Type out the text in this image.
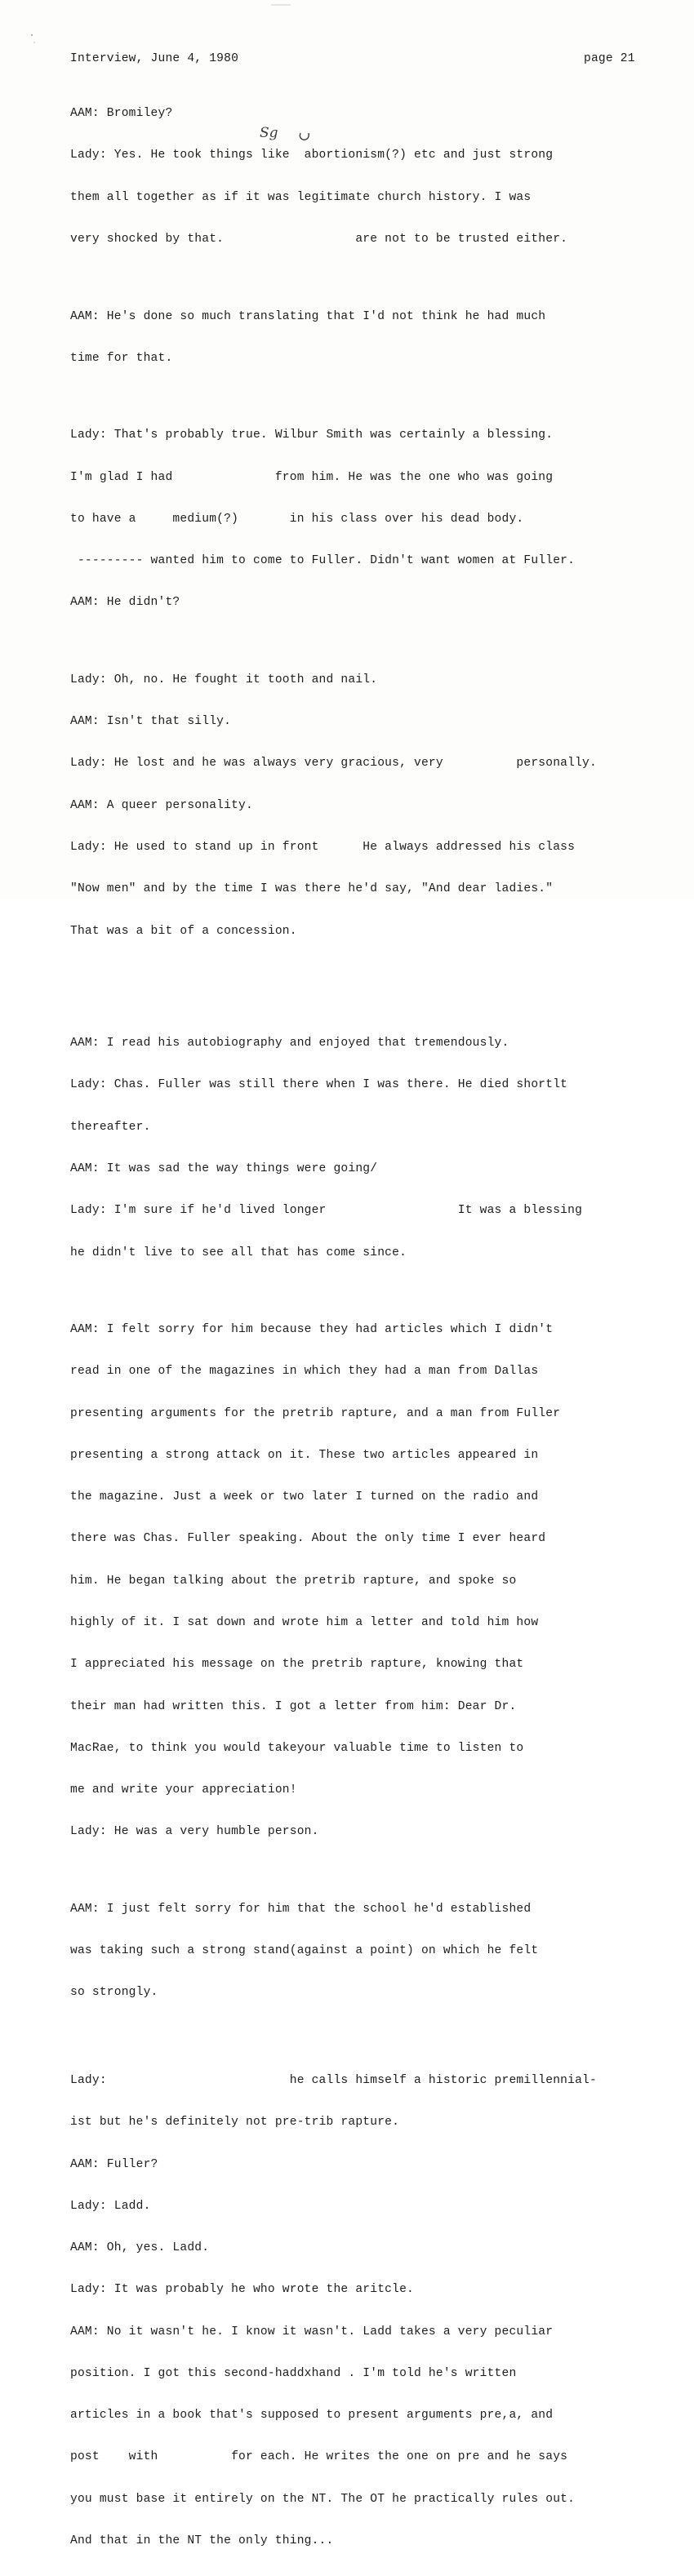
Interview, June 4, 1980	page 21

AAM: Bromiley?

Lady: Yes. He took things like  abortionism(?) etc and just strong

them all together as if it was legitimate church history. I was

very shocked by that.                  are not to be trusted either.

AAM: He's done so much translating that I'd not think he had much

time for that.

Lady: That's probably true. Wilbur Smith was certainly a blessing.

I'm glad I had              from him. He was the one who was going

to have a     medium(?)       in his class over his dead body.

--------- wanted him to come to Fuller. Didn't want women at Fuller.

AAM: He didn't?

Lady: Oh, no. He fought it tooth and nail.

AAM: Isn't that silly.

Lady: He lost and he was always very gracious, very          personally.

AAM: A queer personality.

Lady: He used to stand up in front      He always addressed his class

"Now men" and by the time I was there he'd say, "And dear ladies."

That was a bit of a concession.

AAM: I read his autobiography and enjoyed that tremendously.

Lady: Chas. Fuller was still there when I was there. He died shortlt

thereafter.

AAM: It was sad the way things were going/

Lady: I'm sure if he'd lived longer                  It was a blessing

he didn't live to see all that has come since.

AAM: I felt sorry for him because they had articles which I didn't

read in one of the magazines in which they had a man from Dallas

presenting arguments for the pretrib rapture, and a man from Fuller

presenting a strong attack on it. These two articles appeared in

the magazine. Just a week or two later I turned on the radio and

there was Chas. Fuller speaking. About the only time I ever heard

him. He began talking about the pretrib rapture, and spoke so

highly of it. I sat down and wrote him a letter and told him how

I appreciated his message on the pretrib rapture, knowing that

their man had written this. I got a letter from him: Dear Dr.

MacRae, to think you would takeyour valuable time to listen to

me and write your appreciation!

Lady: He was a very humble person.

AAM: I just felt sorry for him that the school he'd established

was taking such a strong stand(against a point) on which he felt

so strongly.

Lady:                         he calls himself a historic premillennial-

ist but he's definitely not pre-trib rapture.

AAM: Fuller?

Lady: Ladd.

AAM: Oh, yes. Ladd.

Lady: It was probably he who wrote the aritcle.

AAM: No it wasn't he. I know it wasn't. Ladd takes a very peculiar

position. I got this second-haddxhand . I'm told he's written

articles in a book that's supposed to present arguments pre,a, and

post    with          for each. He writes the one on pre and he says

you must base it entirely on the NT. The OT he practically rules out.

And that in the NT the only thing...

Sg
